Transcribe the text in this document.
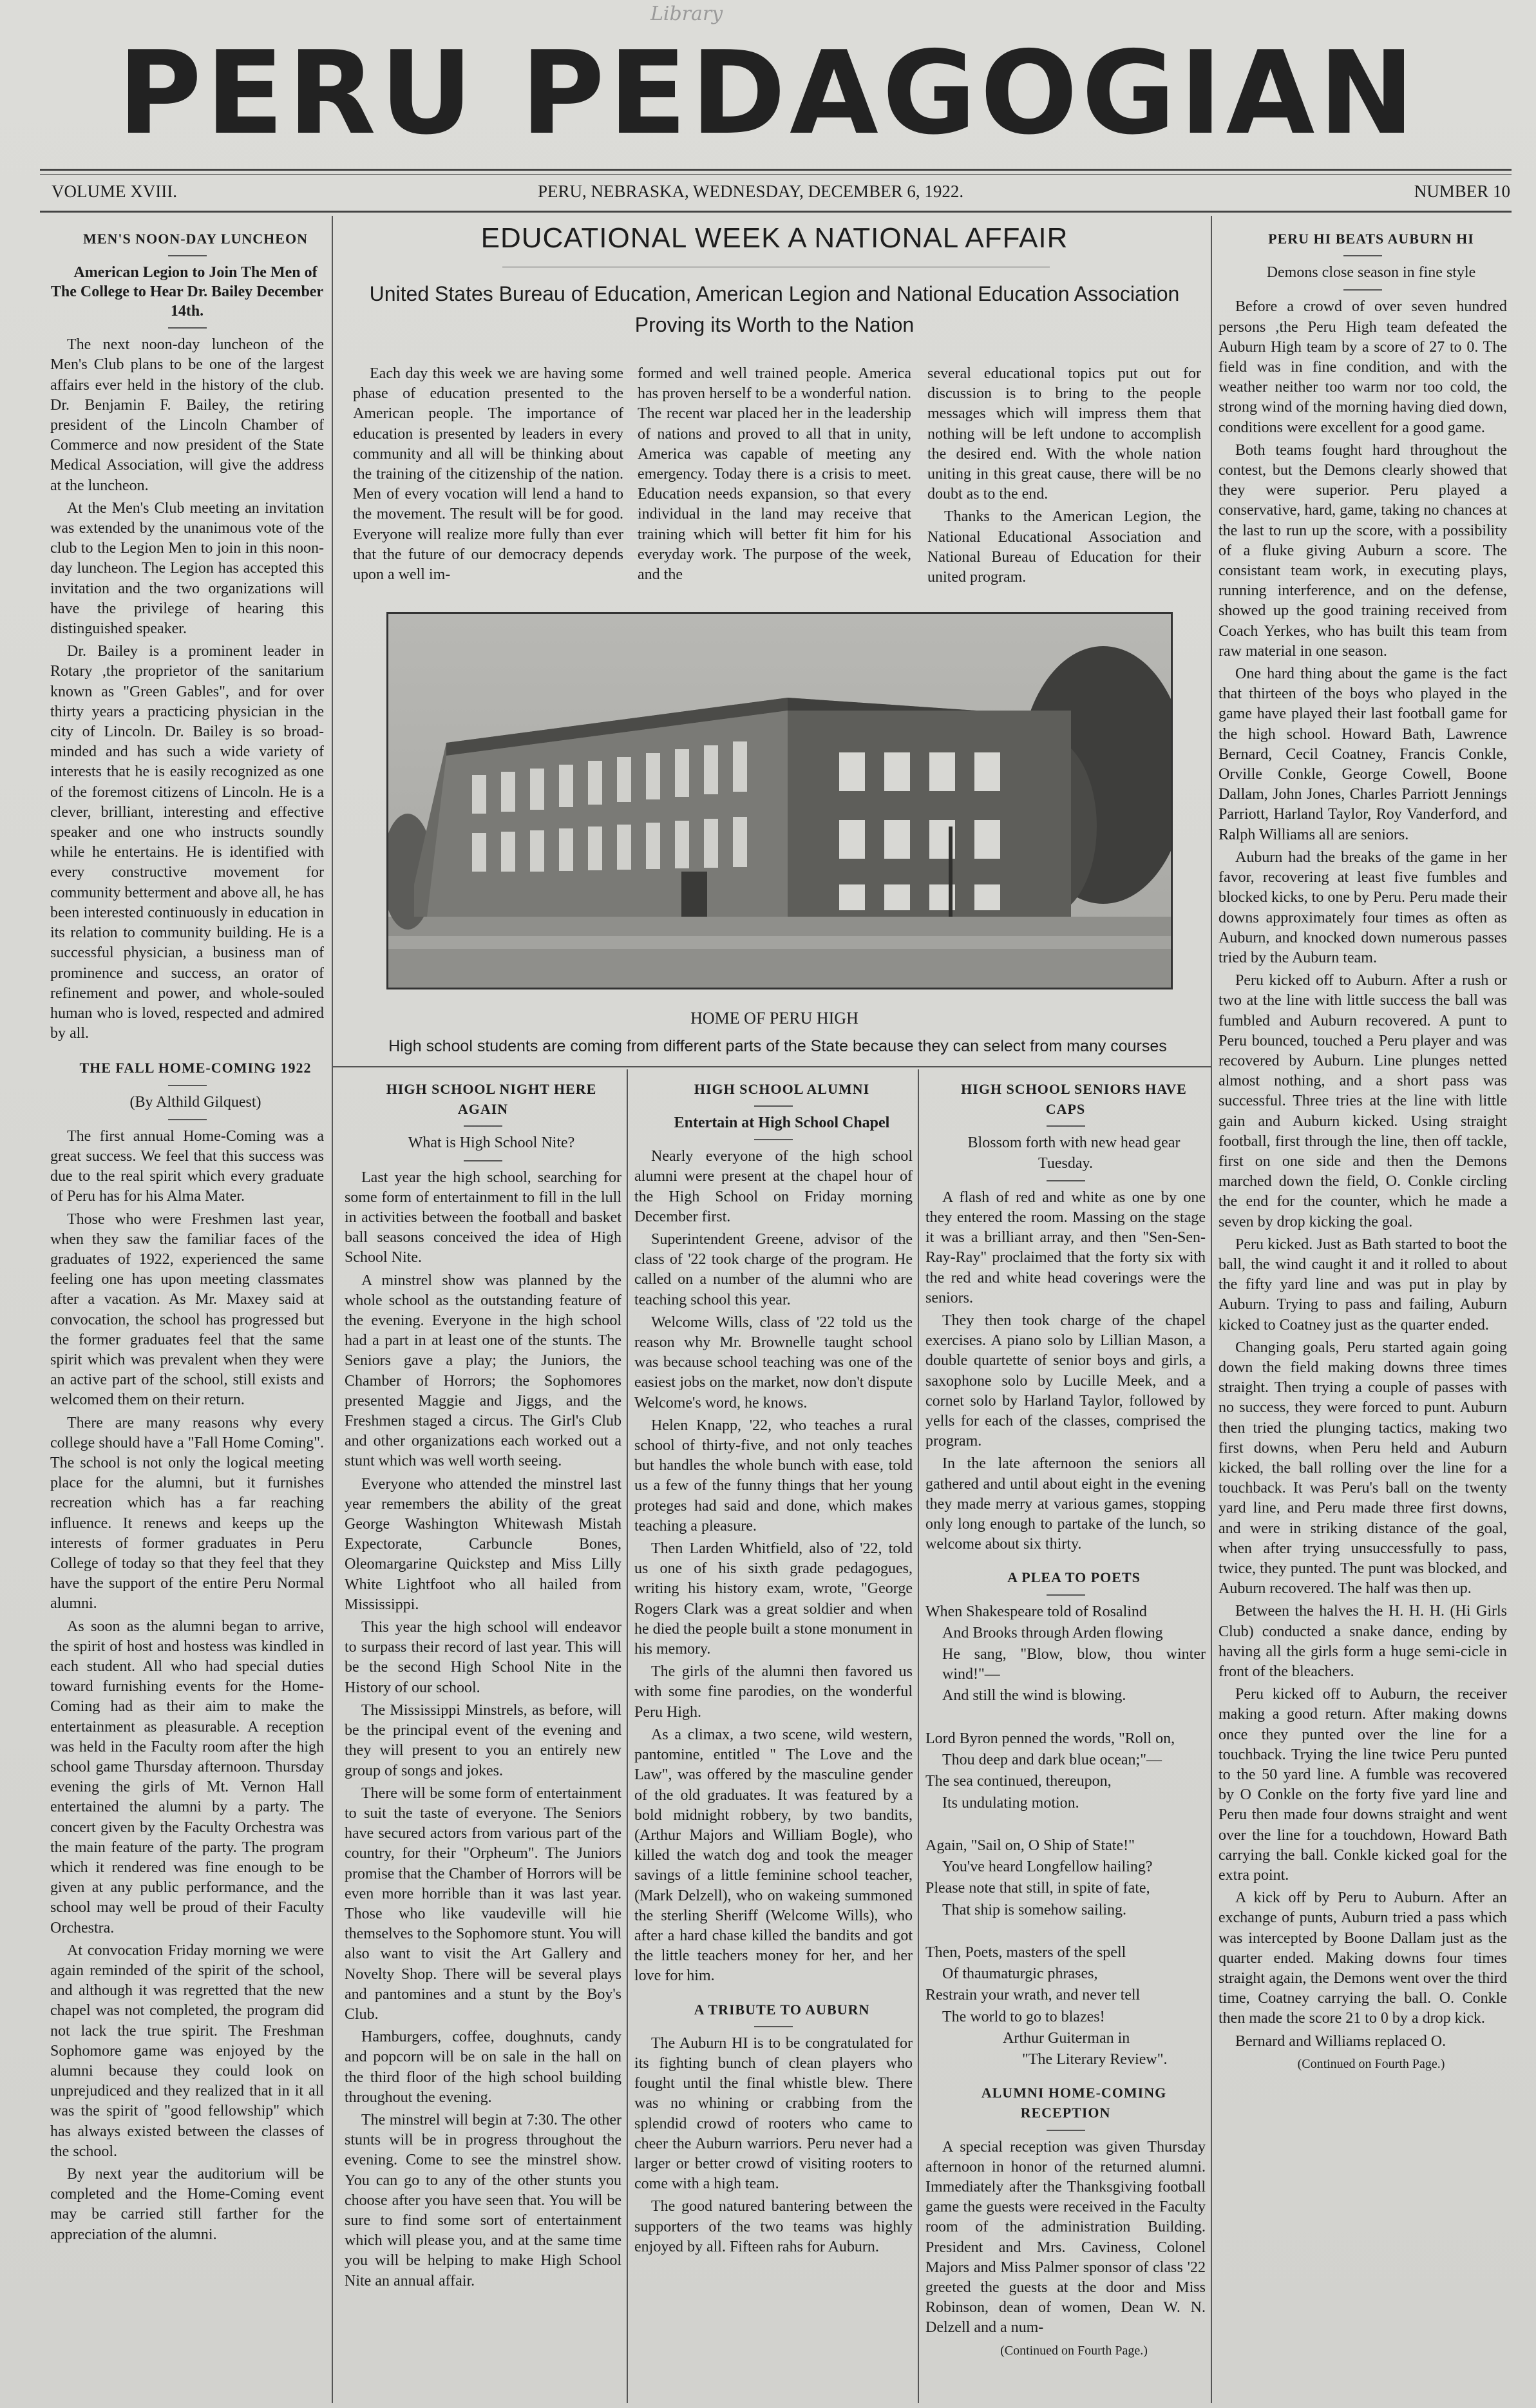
Library
PERU PEDAGOGIAN
VOLUME XVIII.	PERU, NEBRASKA, WEDNESDAY, DECEMBER 6, 1922.	NUMBER 10

MEN'S NOON-DAY LUNCHEON

American Legion to Join The Men of The College to Hear Dr. Bailey December 14th.

The next noon-day luncheon of the Men's Club plans to be one of the largest affairs ever held in the history of the club. Dr. Benjamin F. Bailey, the retiring president of the Lincoln Chamber of Commerce and now president of the State Medical Association, will give the address at the luncheon.

At the Men's Club meeting an invitation was extended by the unanimous vote of the club to the Legion Men to join in this noon-day luncheon. The Legion has accepted this invitation and the two organizations will have the privilege of hearing this distinguished speaker.

Dr. Bailey is a prominent leader in Rotary ,the proprietor of the sanitarium known as "Green Gables", and for over thirty years a practicing physician in the city of Lincoln. Dr. Bailey is so broad-minded and has such a wide variety of interests that he is easily recognized as one of the foremost citizens of Lincoln. He is a clever, brilliant, interesting and effective speaker and one who instructs soundly while he entertains. He is identified with every constructive movement for community betterment and above all, he has been interested continuously in education in its relation to community building. He is a successful physician, a business man of prominence and success, an orator of refinement and power, and whole-souled human who is loved, respected and admired by all.

THE FALL HOME-COMING 1922

(By Althild Gilquest)

The first annual Home-Coming was a great success. We feel that this success was due to the real spirit which every graduate of Peru has for his Alma Mater.

Those who were Freshmen last year, when they saw the familiar faces of the graduates of 1922, experienced the same feeling one has upon meeting classmates after a vacation. As Mr. Maxey said at convocation, the school has progressed but the former graduates feel that the same spirit which was prevalent when they were an active part of the school, still exists and welcomed them on their return.

There are many reasons why every college should have a "Fall Home Coming". The school is not only the logical meeting place for the alumni, but it furnishes recreation which has a far reaching influence. It renews and keeps up the interests of former graduates in Peru College of today so that they feel that they have the support of the entire Peru Normal alumni.

As soon as the alumni began to arrive, the spirit of host and hostess was kindled in each student. All who had special duties toward furnishing events for the Home-Coming had as their aim to make the entertainment as pleasurable. A reception was held in the Faculty room after the high school game Thursday afternoon. Thursday evening the girls of Mt. Vernon Hall entertained the alumni by a party. The concert given by the Faculty Orchestra was the main feature of the party. The program which it rendered was fine enough to be given at any public performance, and the school may well be proud of their Faculty Orchestra.

At convocation Friday morning we were again reminded of the spirit of the school, and although it was regretted that the new chapel was not completed, the program did not lack the true spirit. The Freshman Sophomore game was enjoyed by the alumni because they could look on unprejudiced and they realized that in it all was the spirit of "good fellowship" which has always existed between the classes of the school.

By next year the auditorium will be completed and the Home-Coming event may be carried still farther for the appreciation of the alumni.

EDUCATIONAL WEEK A NATIONAL AFFAIR
United States Bureau of Education, American Legion and National Education Association
Proving its Worth to the Nation

Each day this week we are having some phase of education presented to the American people. The importance of education is presented by leaders in every community and all will be thinking about the training of the citizenship of the nation. Men of every vocation will lend a hand to the movement. The result will be for good. Everyone will realize more fully than ever that the future of our democracy depends upon a well im-

formed and well trained people. America has proven herself to be a wonderful nation. The recent war placed her in the leadership of nations and proved to all that in unity, America was capable of meeting any emergency. Today there is a crisis to meet. Education needs expansion, so that every individual in the land may receive that training which will better fit him for his everyday work. The purpose of the week, and the

several educational topics put out for discussion is to bring to the people messages which will impress them that nothing will be left undone to accomplish the desired end. With the whole nation uniting in this great cause, there will be no doubt as to the end.

Thanks to the American Legion, the National Educational Association and National Bureau of Education for their united program.

HOME OF PERU HIGH
High school students are coming from different parts of the State because they can select from many courses

HIGH SCHOOL NIGHT HERE AGAIN

What is High School Nite?

Last year the high school, searching for some form of entertainment to fill in the lull in activities between the football and basket ball seasons conceived the idea of High School Nite.

A minstrel show was planned by the whole school as the outstanding feature of the evening. Everyone in the high school had a part in at least one of the stunts. The Seniors gave a play; the Juniors, the Chamber of Horrors; the Sophomores presented Maggie and Jiggs, and the Freshmen staged a circus. The Girl's Club and other organizations each worked out a stunt which was well worth seeing.

Everyone who attended the minstrel last year remembers the ability of the great George Washington Whitewash Mistah Expectorate, Carbuncle Bones, Oleomargarine Quickstep and Miss Lilly White Lightfoot who all hailed from Mississippi.

This year the high school will endeavor to surpass their record of last year. This will be the second High School Nite in the History of our school.

The Mississippi Minstrels, as before, will be the principal event of the evening and they will present to you an entirely new group of songs and jokes.

There will be some form of entertainment to suit the taste of everyone. The Seniors have secured actors from various part of the country, for their "Orpheum". The Juniors promise that the Chamber of Horrors will be even more horrible than it was last year. Those who like vaudeville will hie themselves to the Sophomore stunt. You will also want to visit the Art Gallery and Novelty Shop. There will be several plays and pantomines and a stunt by the Boy's Club.

Hamburgers, coffee, doughnuts, candy and popcorn will be on sale in the hall on the third floor of the high school building throughout the evening.

The minstrel will begin at 7:30. The other stunts will be in progress throughout the evening. Come to see the minstrel show. You can go to any of the other stunts you choose after you have seen that. You will be sure to find some sort of entertainment which will please you, and at the same time you will be helping to make High School Nite an annual affair.

HIGH SCHOOL ALUMNI

Entertain at High School Chapel

Nearly everyone of the high school alumni were present at the chapel hour of the High School on Friday morning December first.

Superintendent Greene, advisor of the class of '22 took charge of the program. He called on a number of the alumni who are teaching school this year.

Welcome Wills, class of '22 told us the reason why Mr. Brownelle taught school was because school teaching was one of the easiest jobs on the market, now don't dispute Welcome's word, he knows.

Helen Knapp, '22, who teaches a rural school of thirty-five, and not only teaches but handles the whole bunch with ease, told us a few of the funny things that her young proteges had said and done, which makes teaching a pleasure.

Then Larden Whitfield, also of '22, told us one of his sixth grade pedagogues, writing his history exam, wrote, "George Rogers Clark was a great soldier and when he died the people built a stone monument in his memory.

The girls of the alumni then favored us with some fine parodies, on the wonderful Peru High.

As a climax, a two scene, wild western, pantomine, entitled " The Love and the Law", was offered by the masculine gender of the old graduates. It was featured by a bold midnight robbery, by two bandits, (Arthur Majors and William Bogle), who killed the watch dog and took the meager savings of a little feminine school teacher, (Mark Delzell), who on wakeing summoned the sterling Sheriff (Welcome Wills), who after a hard chase killed the bandits and got the little teachers money for her, and her love for him.

A TRIBUTE TO AUBURN

The Auburn HI is to be congratulated for its fighting bunch of clean players who fought until the final whistle blew. There was no whining or crabbing from the splendid crowd of rooters who came to cheer the Auburn warriors. Peru never had a larger or better crowd of visiting rooters to come with a high team.

The good natured bantering between the supporters of the two teams was highly enjoyed by all. Fifteen rahs for Auburn.

HIGH SCHOOL SENIORS HAVE CAPS

Blossom forth with new head gear Tuesday.

A flash of red and white as one by one they entered the room. Massing on the stage it was a brilliant array, and then "Sen-Sen-Ray-Ray" proclaimed that the forty six with the red and white head coverings were the seniors.

They then took charge of the chapel exercises. A piano solo by Lillian Mason, a double quartette of senior boys and girls, a saxophone solo by Lucille Meek, and a cornet solo by Harland Taylor, followed by yells for each of the classes, comprised the program.

In the late afternoon the seniors all gathered and until about eight in the evening they made merry at various games, stopping only long enough to partake of the lunch, so welcome about six thirty.

A PLEA TO POETS

When Shakespeare told of Rosalind

And Brooks through Arden flowing

He sang, "Blow, blow, thou winter wind!"—

And still the wind is blowing.

Lord Byron penned the words, "Roll on,

Thou deep and dark blue ocean;"—

The sea continued, thereupon,

Its undulating motion.

Again, "Sail on, O Ship of State!"

You've heard Longfellow hailing?

Please note that still, in spite of fate,

That ship is somehow sailing.

Then, Poets, masters of the spell

Of thaumaturgic phrases,

Restrain your wrath, and never tell

The world to go to blazes!

Arthur Guiterman in

"The Literary Review".

ALUMNI HOME-COMING RECEPTION

A special reception was given Thursday afternoon in honor of the returned alumni. Immediately after the Thanksgiving football game the guests were received in the Faculty room of the administration Building. President and Mrs. Caviness, Colonel Majors and Miss Palmer sponsor of class '22 greeted the guests at the door and Miss Robinson, dean of women, Dean W. N. Delzell and a num-

(Continued on Fourth Page.)

PERU HI BEATS AUBURN HI

Demons close season in fine style

Before a crowd of over seven hundred persons ,the Peru High team defeated the Auburn High team by a score of 27 to 0. The field was in fine condition, and with the weather neither too warm nor too cold, the strong wind of the morning having died down, conditions were excellent for a good game.

Both teams fought hard throughout the contest, but the Demons clearly showed that they were superior. Peru played a conservative, hard, game, taking no chances at the last to run up the score, with a possibility of a fluke giving Auburn a score. The consistant team work, in executing plays, running interference, and on the defense, showed up the good training received from Coach Yerkes, who has built this team from raw material in one season.

One hard thing about the game is the fact that thirteen of the boys who played in the game have played their last football game for the high school. Howard Bath, Lawrence Bernard, Cecil Coatney, Francis Conkle, Orville Conkle, George Cowell, Boone Dallam, John Jones, Charles Parriott Jennings Parriott, Harland Taylor, Roy Vanderford, and Ralph Williams all are seniors.

Auburn had the breaks of the game in her favor, recovering at least five fumbles and blocked kicks, to one by Peru. Peru made their downs approximately four times as often as Auburn, and knocked down numerous passes tried by the Auburn team.

Peru kicked off to Auburn. After a rush or two at the line with little success the ball was fumbled and Auburn recovered. A punt to Peru bounced, touched a Peru player and was recovered by Auburn. Line plunges netted almost nothing, and a short pass was successful. Three tries at the line with little gain and Auburn kicked. Using straight football, first through the line, then off tackle, first on one side and then the Demons marched down the field, O. Conkle circling the end for the counter, which he made a seven by drop kicking the goal.

Peru kicked. Just as Bath started to boot the ball, the wind caught it and it rolled to about the fifty yard line and was put in play by Auburn. Trying to pass and failing, Auburn kicked to Coatney just as the quarter ended.

Changing goals, Peru started again going down the field making downs three times straight. Then trying a couple of passes with no success, they were forced to punt. Auburn then tried the plunging tactics, making two first downs, when Peru held and Auburn kicked, the ball rolling over the line for a touchback. It was Peru's ball on the twenty yard line, and Peru made three first downs, and were in striking distance of the goal, when after trying unsuccessfully to pass, twice, they punted. The punt was blocked, and Auburn recovered. The half was then up.

Between the halves the H. H. H. (Hi Girls Club) conducted a snake dance, ending by having all the girls form a huge semi-cicle in front of the bleachers.

Peru kicked off to Auburn, the receiver making a good return. After making downs once they punted over the line for a touchback. Trying the line twice Peru punted to the 50 yard line. A fumble was recovered by O Conkle on the forty five yard line and Peru then made four downs straight and went over the line for a touchdown, Howard Bath carrying the ball. Conkle kicked goal for the extra point.

A kick off by Peru to Auburn. After an exchange of punts, Auburn tried a pass which was intercepted by Boone Dallam just as the quarter ended. Making downs four times straight again, the Demons went over the third time, Coatney carrying the ball. O. Conkle then made the score 21 to 0 by a drop kick.

Bernard and Williams replaced O.

(Continued on Fourth Page.)
